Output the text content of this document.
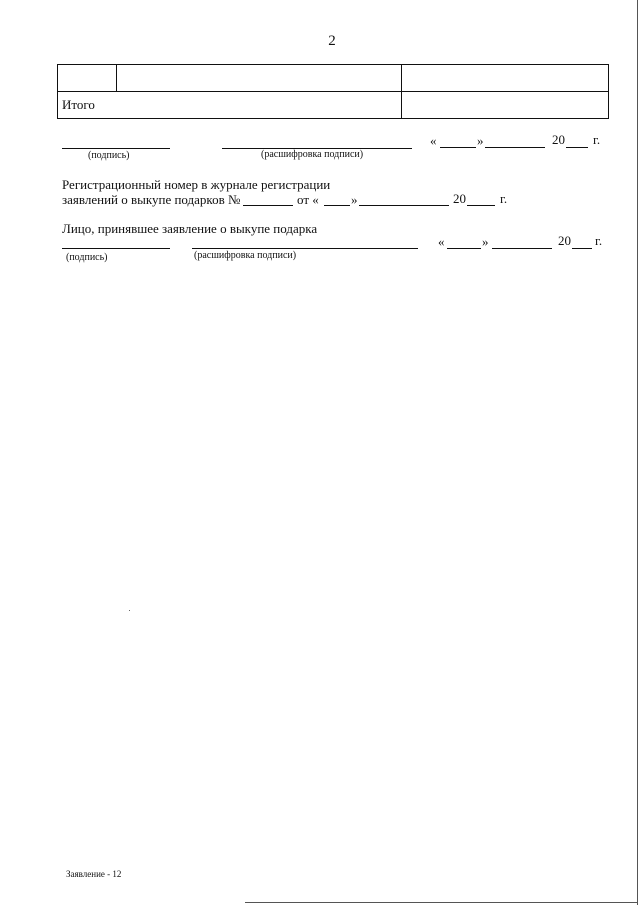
2

Итого		
(подпись)	(расшифровка подписи)
«	»	20 г.
Регистрационный номер в журнале регистрации
заявлений о выкупе подарков №	от « »	20	г.
Лицо, принявшее заявление о выкупе подарка
(подпись)	(расшифровка подписи)
«	»	20 г.
Заявление - 12
